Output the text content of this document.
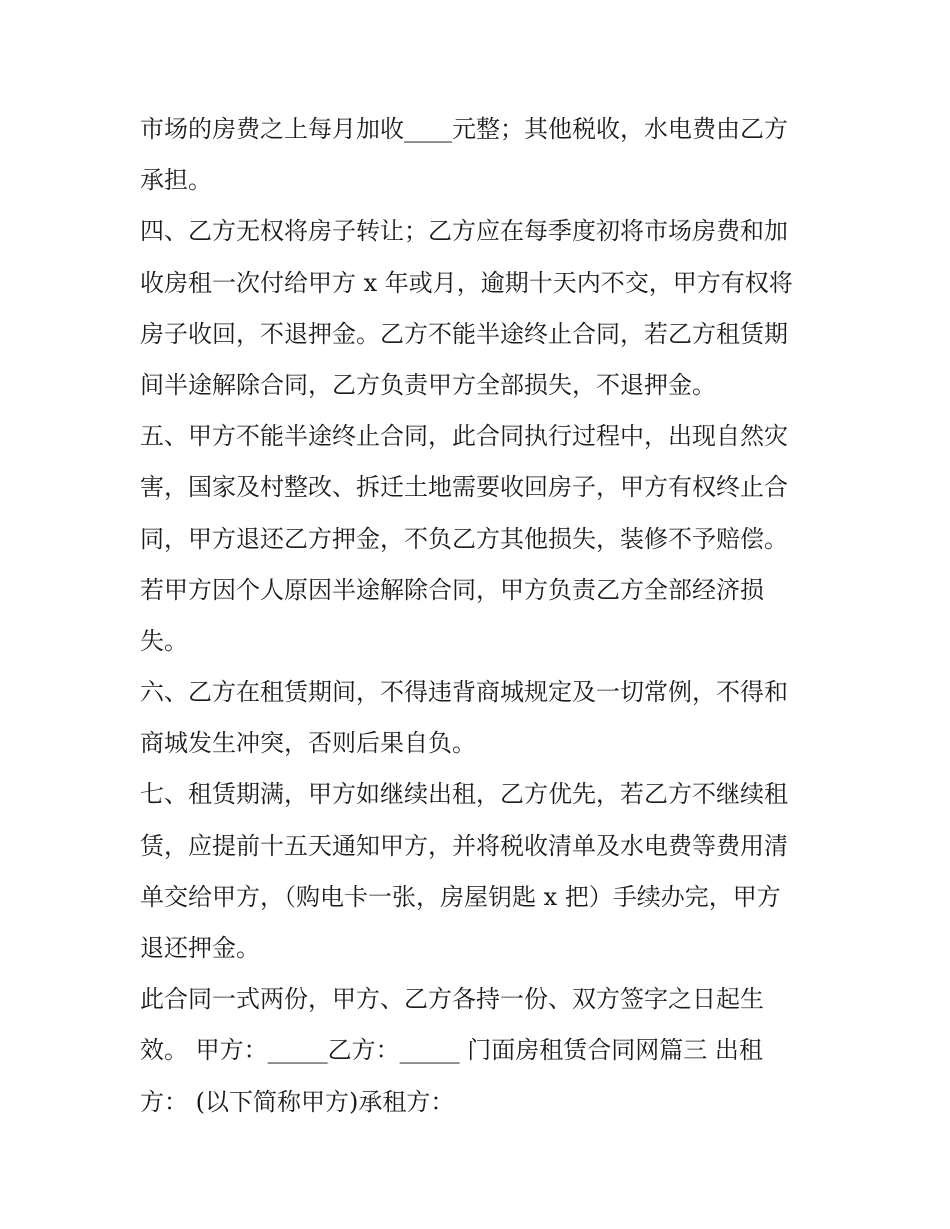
市场的房费之上每月加收____元整；其他税收，水电费由乙方
承担。
四、乙方无权将房子转让；乙方应在每季度初将市场房费和加
收房租一次付给甲方 x 年或月，逾期十天内不交，甲方有权将
房子收回，不退押金。乙方不能半途终止合同，若乙方租赁期
间半途解除合同，乙方负责甲方全部损失，不退押金。
五、甲方不能半途终止合同，此合同执行过程中，出现自然灾
害，国家及村整改、拆迁土地需要收回房子，甲方有权终止合
同，甲方退还乙方押金，不负乙方其他损失，装修不予赔偿。
若甲方因个人原因半途解除合同，甲方负责乙方全部经济损
失。
六、乙方在租赁期间，不得违背商城规定及一切常例，不得和
商城发生冲突，否则后果自负。
七、租赁期满，甲方如继续出租，乙方优先，若乙方不继续租
赁，应提前十五天通知甲方，并将税收清单及水电费等费用清
单交给甲方，（购电卡一张，房屋钥匙 x 把）手续办完，甲方
退还押金。
此合同一式两份，甲方、乙方各持一份、双方签字之日起生
效。 甲方：_____乙方：_____ 门面房租赁合同网篇三 出租
方： (以下简称甲方)承租方：
